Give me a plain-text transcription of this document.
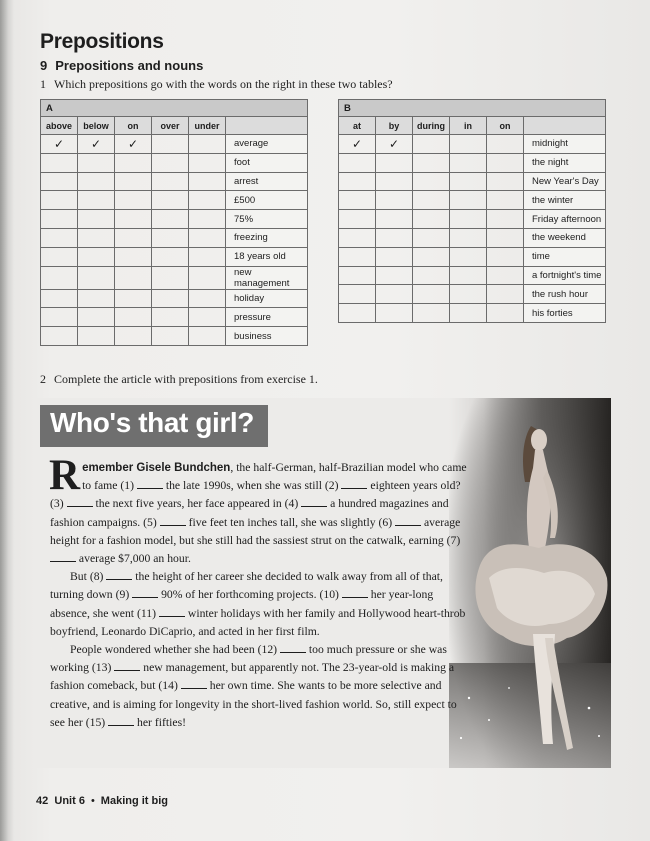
Prepositions
9 Prepositions and nouns
1 Which prepositions go with the words on the right in these two tables?
A					
above	below	on	over	under	
✓	✓	✓			average
					foot
					arrest
					£500
					75%
					freezing
					18 years old
					new management
					holiday
					pressure
					business
B					
at	by	during	in	on	
✓	✓				midnight
					the night
					New Year's Day
					the winter
					Friday afternoon
					the weekend
					time
					a fortnight's time
					the rush hour
					his forties
2 Complete the article with prepositions from exercise 1.
Who's that girl?

Remember Gisele Bundchen, the half-German, half-Brazilian model who came to fame (1)  the late 1990s, when she was still (2)  eighteen years old? (3)  the next five years, her face appeared in (4)  a hundred magazines and fashion campaigns. (5)  five feet ten inches tall, she was slightly (6)  average height for a fashion model, but she still had the sassiest strut on the catwalk, earning (7)  average $7,000 an hour.

But (8)  the height of her career she decided to walk away from all of that, turning down (9)  90% of her forthcoming projects. (10)  her year-long absence, she went (11)  winter holidays with her family and Hollywood heart-throb boyfriend, Leonardo DiCaprio, and acted in her first film.

People wondered whether she had been (12)  too much pressure or she was working (13)  new management, but apparently not. The 23-year-old is making a fashion comeback, but (14)  her own time. She wants to be more selective and creative, and is aiming for longevity in the short-lived fashion world. So, still expect to see her (15)  her fifties!

42 Unit 6 • Making it big
